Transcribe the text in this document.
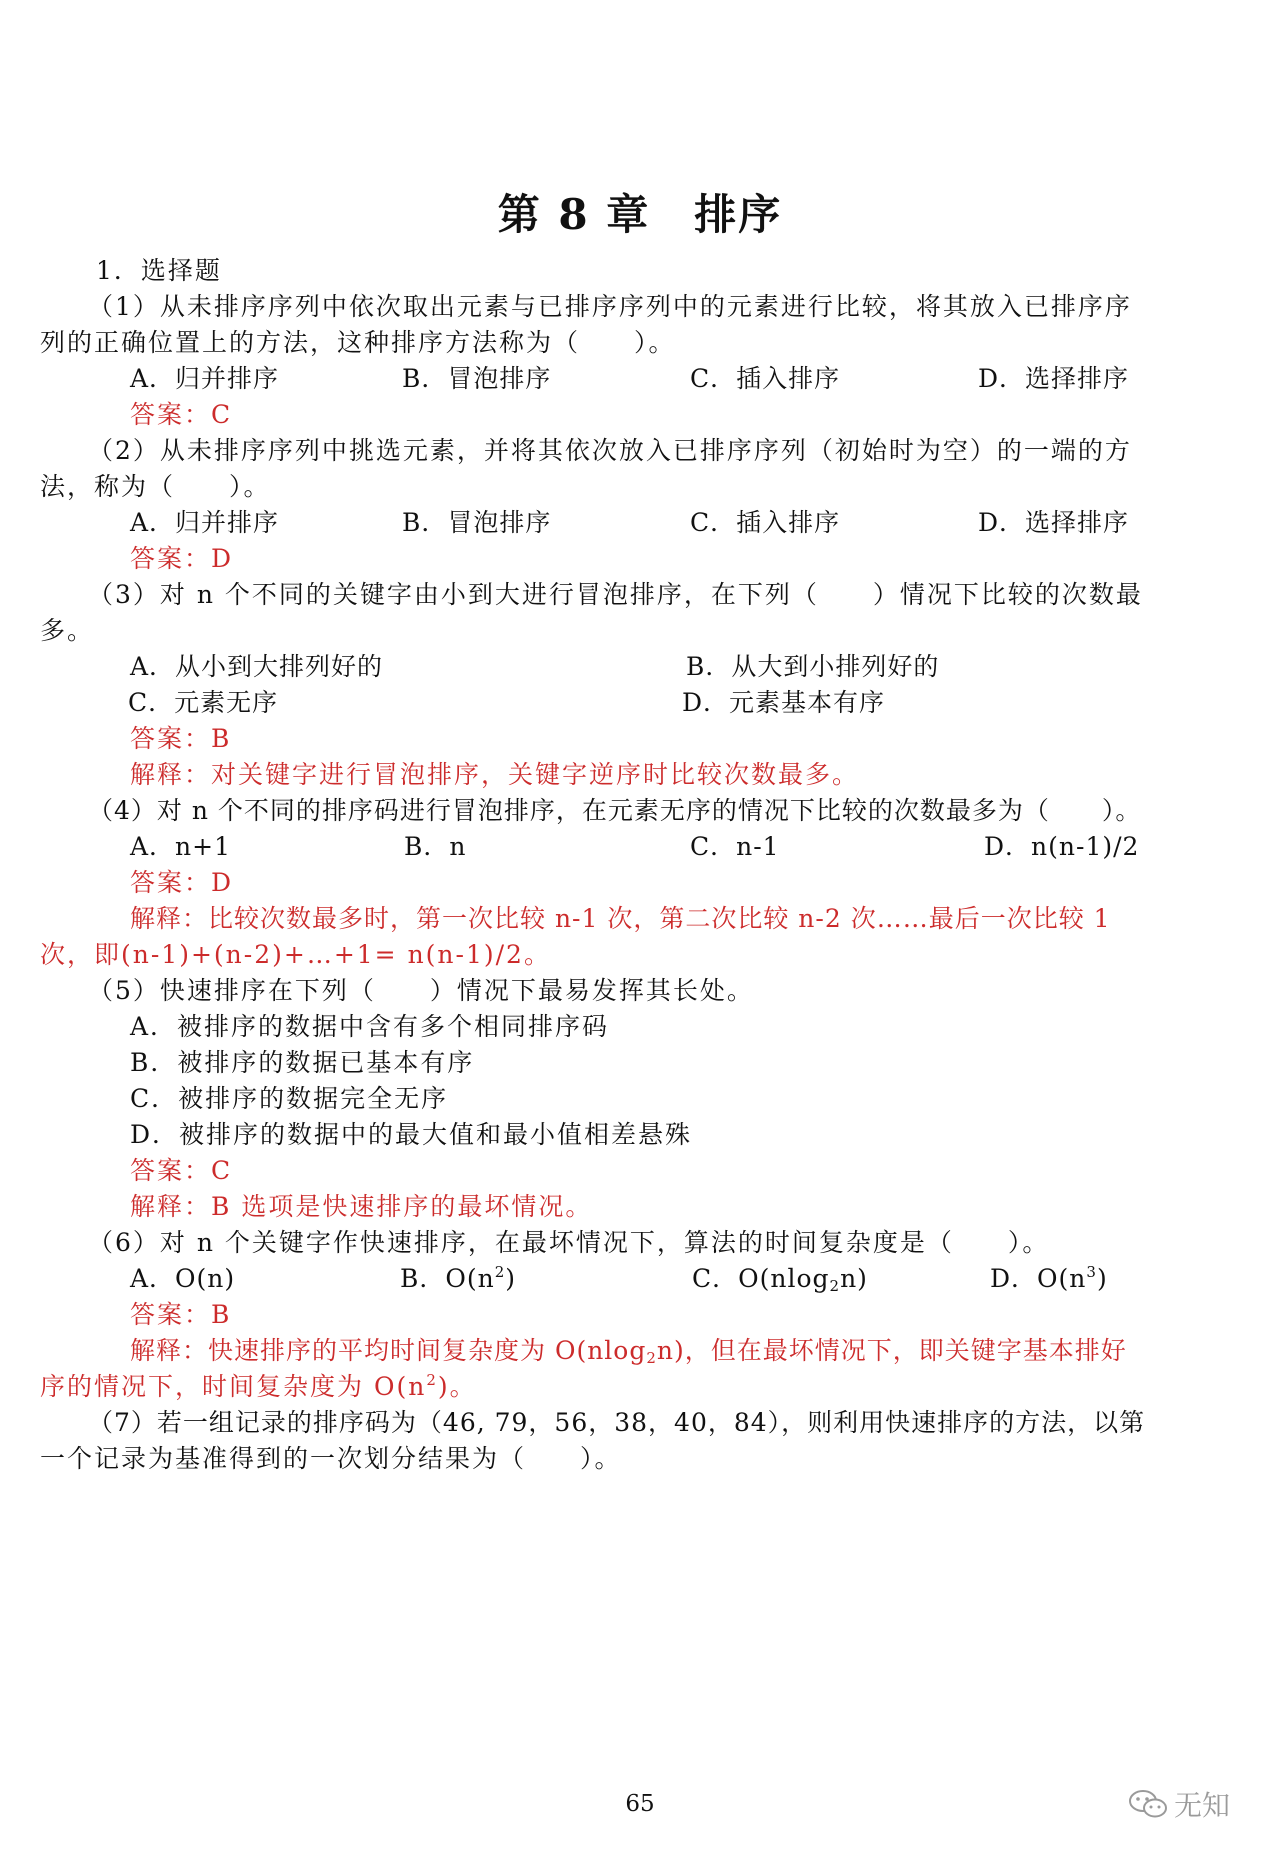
第 8 章 排序
1．选择题
（1）从未排序序列中依次取出元素与已排序序列中的元素进行比较，将其放入已排序序
列的正确位置上的方法，这种排序方法称为（　　）。
A．归并排序	B．冒泡排序	C．插入排序	D．选择排序
答案：C
（2）从未排序序列中挑选元素，并将其依次放入已排序序列（初始时为空）的一端的方
法，称为（　　）。
A．归并排序	B．冒泡排序	C．插入排序	D．选择排序
答案：D
（3）对 n 个不同的关键字由小到大进行冒泡排序，在下列（　　）情况下比较的次数最
多。
A．从小到大排列好的	B．从大到小排列好的
C．元素无序	D．元素基本有序
答案：B
解释：对关键字进行冒泡排序，关键字逆序时比较次数最多。
（4）对 n 个不同的排序码进行冒泡排序，在元素无序的情况下比较的次数最多为（　　）。
A．n+1	B．n	C．n-1	D．n(n-1)/2
答案：D
解释：比较次数最多时，第一次比较 n-1 次，第二次比较 n-2 次……最后一次比较 1
次，即(n-1)+(n-2)+…+1= n(n-1)/2。
（5）快速排序在下列（　　）情况下最易发挥其长处。
A．被排序的数据中含有多个相同排序码
B．被排序的数据已基本有序
C．被排序的数据完全无序
D．被排序的数据中的最大值和最小值相差悬殊
答案：C
解释：B 选项是快速排序的最坏情况。
（6）对 n 个关键字作快速排序，在最坏情况下，算法的时间复杂度是（　　）。
A．O(n)	B．$O(n^2)$	C．O(nlog$_2$n)	D．$O(n^3)$
答案：B
解释：快速排序的平均时间复杂度为 O(nlog$_2$n)，但在最坏情况下，即关键字基本排好
序的情况下，时间复杂度为 $O(n^2)$。
（7）若一组记录的排序码为（46, 79，56，38，40，84），则利用快速排序的方法，以第
一个记录为基准得到的一次划分结果为（　　）。
65	无知
